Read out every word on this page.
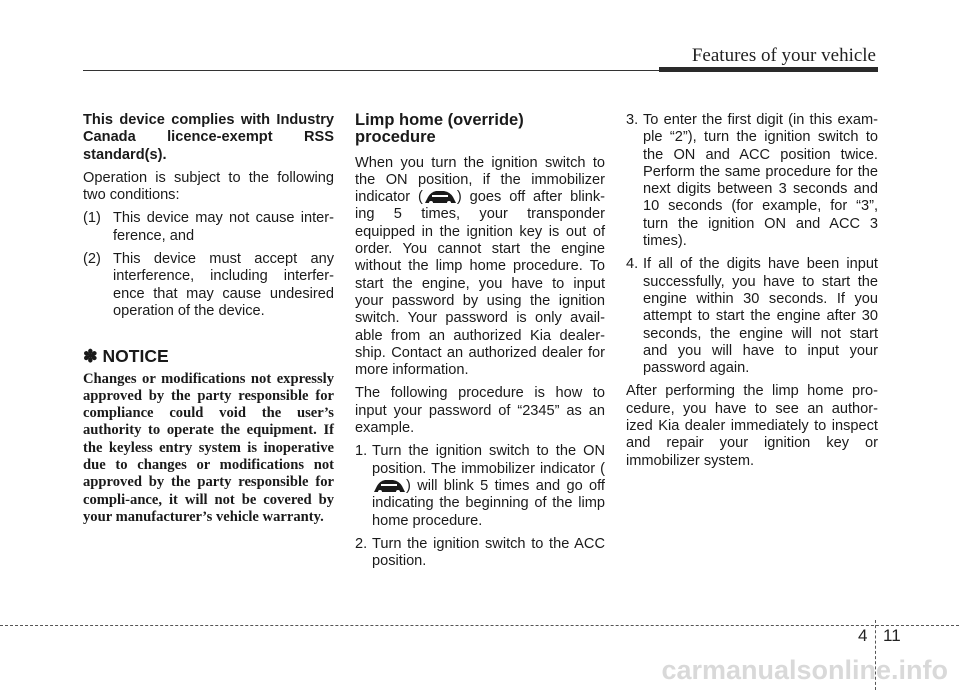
Features of your vehicle

This device complies with Industry Canada licence-exempt RSS standard(s).

Operation is subject to the following two conditions:

(1) This device may not cause inter-ference, and
(2) This device must accept any interference, including interfer-ence that may cause undesired operation of the device.
✽ NOTICE

Changes or modifications not expressly approved by the party responsible for compliance could void the user’s authority to operate the equipment. If the keyless entry system is inoperative due to changes or modifications not approved by the party responsible for compli-ance, it will not be covered by your manufacturer’s vehicle warranty.

Limp home (override) procedure

When you turn the ignition switch to the ON position, if the immobilizer indicator ( ) goes off after blink-ing 5 times, your transponder equipped in the ignition key is out of order. You cannot start the engine without the limp home procedure. To start the engine, you have to input your password by using the ignition switch. Your password is only avail-able from an authorized Kia dealer-ship. Contact an authorized dealer for more information.

The following procedure is how to input your password of “2345” as an example.

1. Turn the ignition switch to the ON position. The immobilizer indicator () will blink 5 times and go off indicating the beginning of the limp home procedure.
2. Turn the ignition switch to the ACC position.
3. To enter the first digit (in this exam-ple “2”), turn the ignition switch to the ON and ACC position twice. Perform the same procedure for the next digits between 3 seconds and 10 seconds (for example, for “3”, turn the ignition ON and ACC 3 times).
4. If all of the digits have been input successfully, you have to start the engine within 30 seconds. If you attempt to start the engine after 30 seconds, the engine will not start and you will have to input your password again.

After performing the limp home pro-cedure, you have to see an author-ized Kia dealer immediately to inspect and repair your ignition key or immobilizer system.

4 11
carmanualsonline.info
